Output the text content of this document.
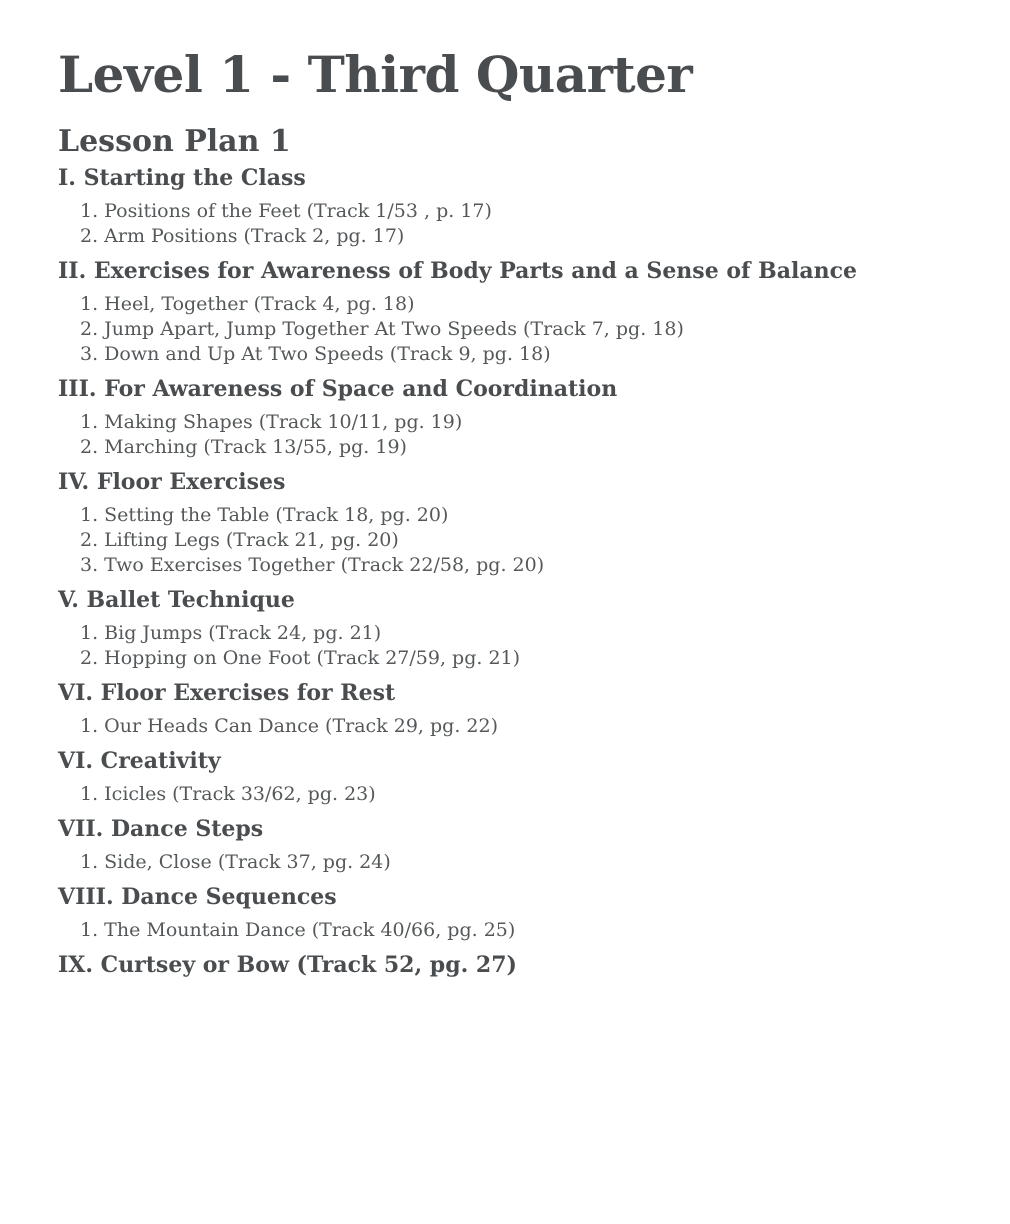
Level 1 - Third Quarter
Lesson Plan 1
I. Starting the Class
1. Positions of the Feet (Track 1/53 , p. 17)
2. Arm Positions (Track 2, pg. 17)
II. Exercises for Awareness of Body Parts and a Sense of Balance
1. Heel, Together (Track 4, pg. 18)
2. Jump Apart, Jump Together At Two Speeds (Track 7, pg. 18)
3. Down and Up At Two Speeds (Track 9, pg. 18)
III. For Awareness of Space and Coordination
1. Making Shapes (Track 10/11, pg. 19)
2. Marching (Track 13/55, pg. 19)
IV. Floor Exercises
1. Setting the Table (Track 18, pg. 20)
2. Lifting Legs (Track 21, pg. 20)
3. Two Exercises Together (Track 22/58, pg. 20)
V. Ballet Technique
1. Big Jumps (Track 24, pg. 21)
2. Hopping on One Foot (Track 27/59, pg. 21)
VI. Floor Exercises for Rest
1. Our Heads Can Dance (Track 29, pg. 22)
VI. Creativity
1. Icicles (Track 33/62, pg. 23)
VII. Dance Steps
1. Side, Close (Track 37, pg. 24)
VIII. Dance Sequences
1. The Mountain Dance (Track 40/66, pg. 25)
IX. Curtsey or Bow (Track 52, pg. 27)
